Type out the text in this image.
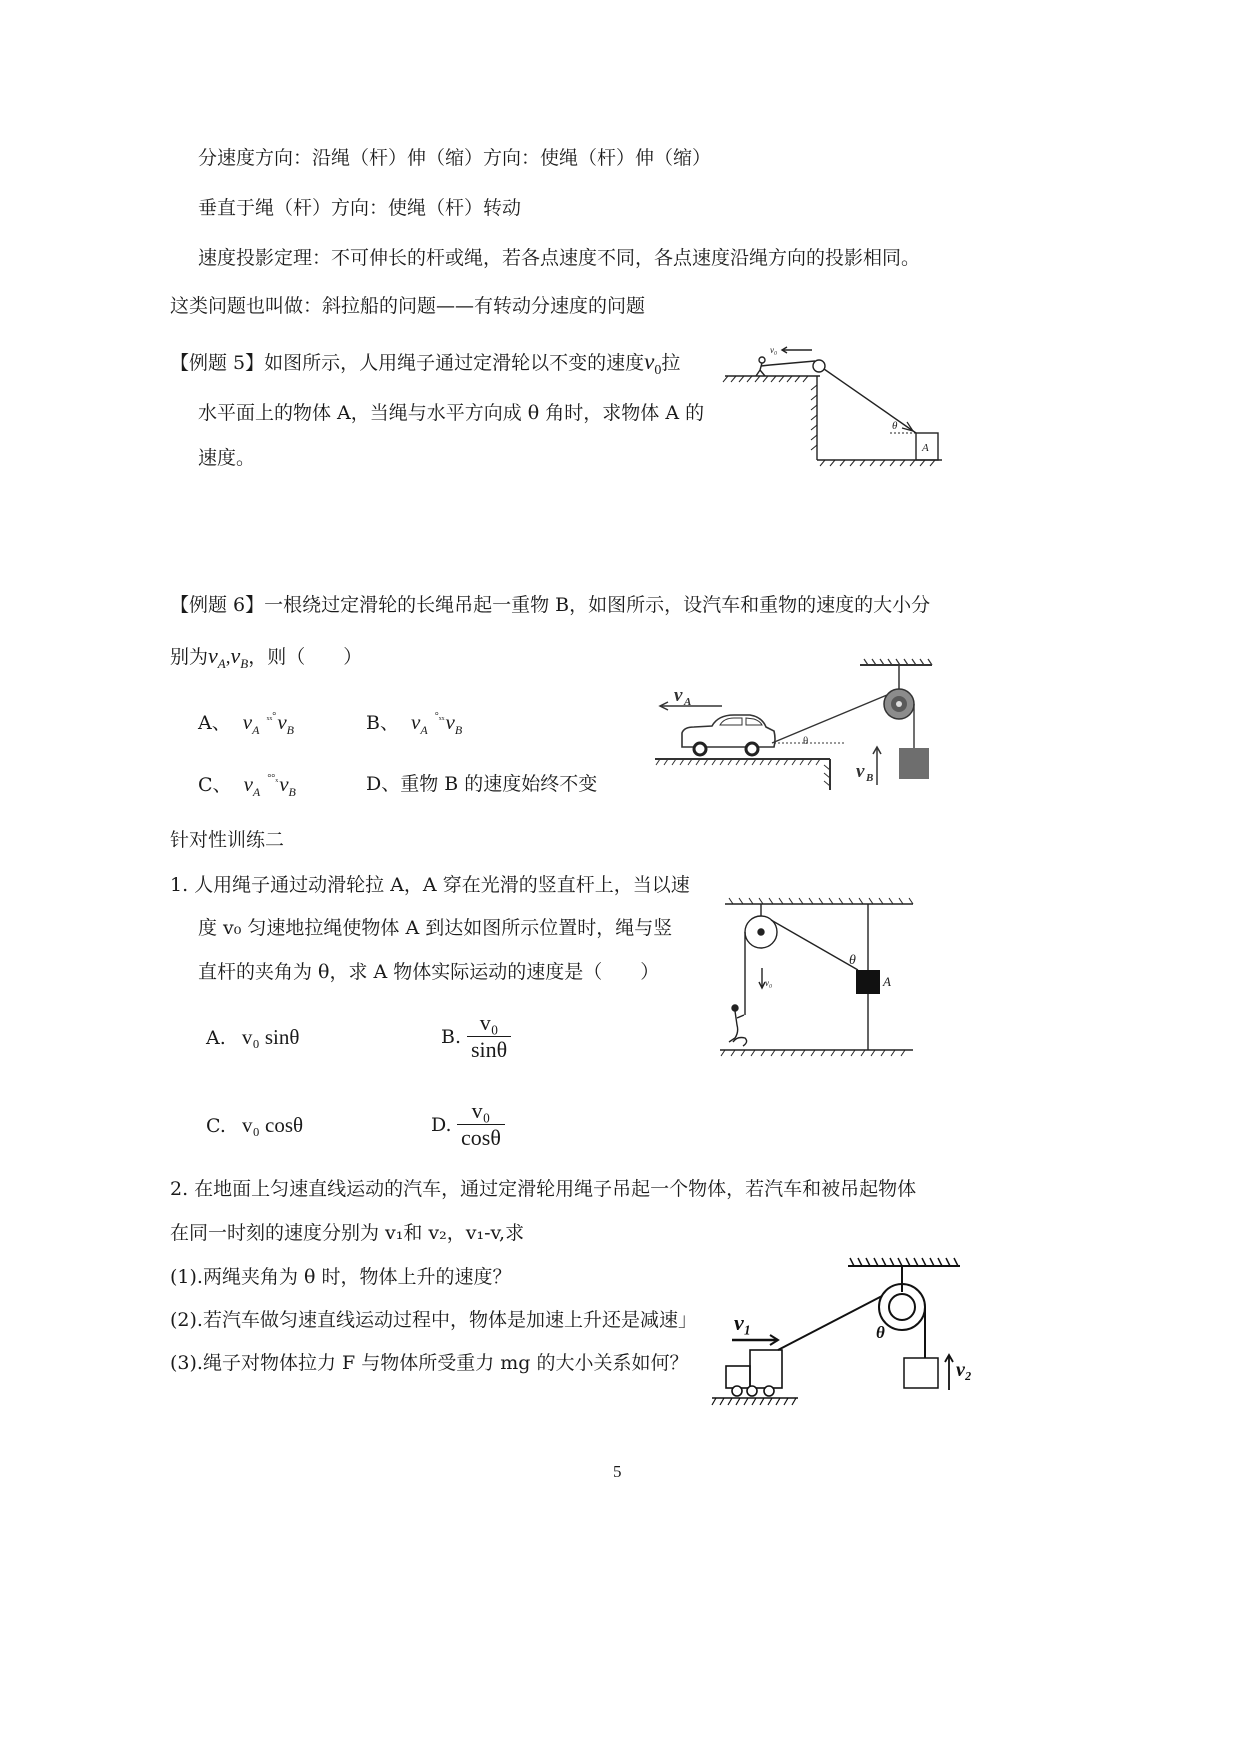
分速度方向：沿绳（杆）伸（缩）方向：使绳（杆）伸（缩）
垂直于绳（杆）方向：使绳（杆）转动
速度投影定理：不可伸长的杆或绳，若各点速度不同，各点速度沿绳方向的投影相同。
这类问题也叫做：斜拉船的问题——有转动分速度的问题
【例题 5】如图所示，人用绳子通过定滑轮以不变的速度$v_0$拉
水平面上的物体 A，当绳与水平方向成 θ 角时，求物体 A 的
速度。
v₀
θ
A
【例题 6】一根绕过定滑轮的长绳吊起一重物 B，如图所示，设汽车和重物的速度的大小分
别为$v_A,v_B$，则（　　）
A、 $v_A$ $^{_{xx}^\circ}v_B$	B、 $v_A$ $^{^\circ_{xx}}v_B$
C、 $v_A$ $^{^\circ^\circ_x}v_B$	D、重物 B 的速度始终不变
v A
v B
θ
针对性训练二
1. 人用绳子通过动滑轮拉 A，A 穿在光滑的竖直杆上，当以速
度 v₀ 匀速地拉绳使物体 A 到达如图所示位置时，绳与竖
直杆的夹角为 θ，求 A 物体实际运动的速度是（　　）
A. v₀ sinθ	B. $\frac{\text{v₀}}{\sin\theta}$
C. v₀ cosθ	D. $\frac{\text{v₀}}{\cos\theta}$
θ
A
v₀
2. 在地面上匀速直线运动的汽车，通过定滑轮用绳子吊起一个物体，若汽车和被吊起物体
在同一时刻的速度分别为 v₁和 v₂，v₁-v,求
(1).两绳夹角为 θ 时，物体上升的速度？
(2).若汽车做匀速直线运动过程中，物体是加速上升还是减速」
(3).绳子对物体拉力 F 与物体所受重力 mg 的大小关系如何？
v₁
v₂
θ
5
